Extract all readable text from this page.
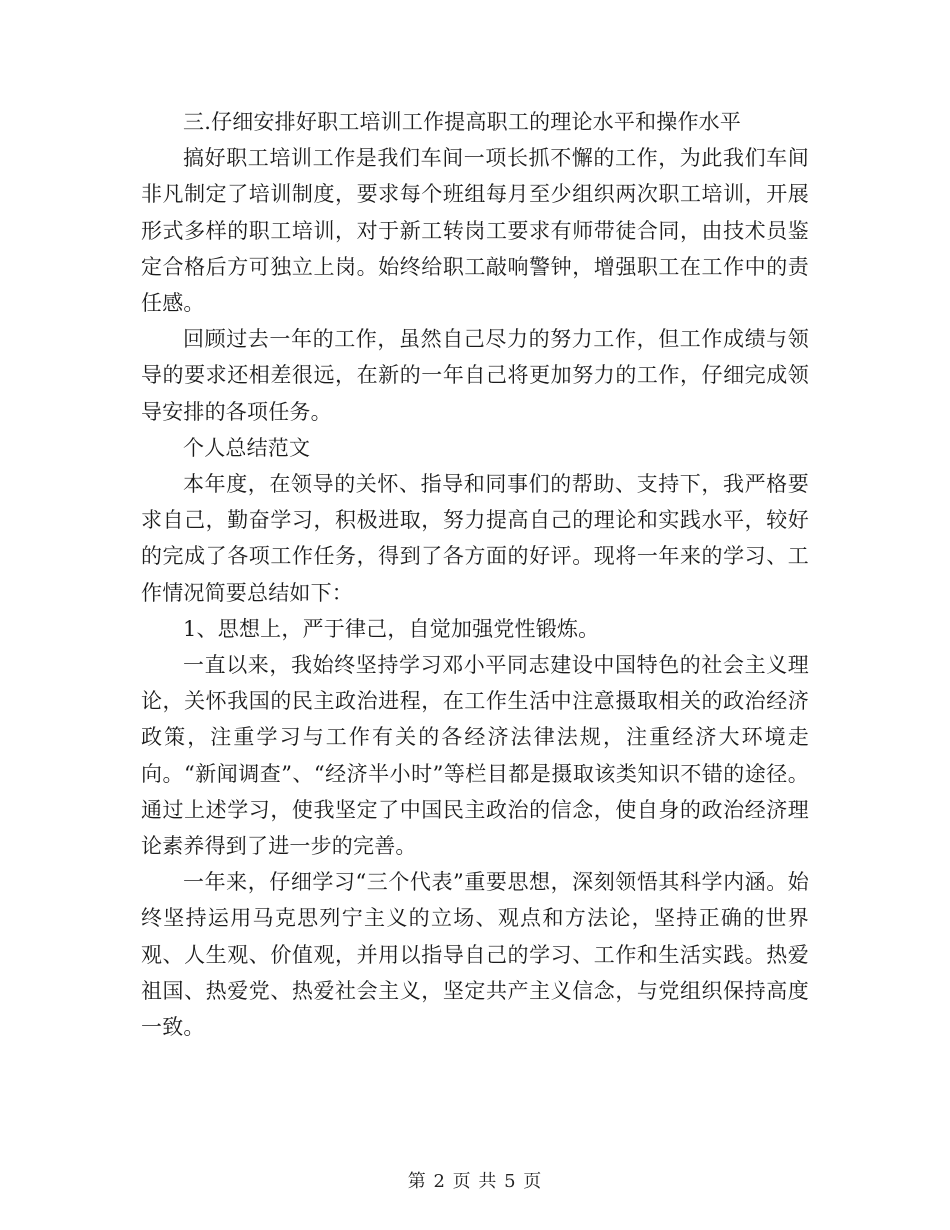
三.仔细安排好职工培训工作提高职工的理论水平和操作水平

搞好职工培训工作是我们车间一项长抓不懈的工作，为此我们车间非凡制定了培训制度，要求每个班组每月至少组织两次职工培训，开展形式多样的职工培训，对于新工转岗工要求有师带徒合同，由技术员鉴定合格后方可独立上岗。始终给职工敲响警钟，增强职工在工作中的责任感。

回顾过去一年的工作，虽然自己尽力的努力工作，但工作成绩与领导的要求还相差很远，在新的一年自己将更加努力的工作，仔细完成领导安排的各项任务。

个人总结范文

本年度，在领导的关怀、指导和同事们的帮助、支持下，我严格要求自己，勤奋学习，积极进取，努力提高自己的理论和实践水平，较好的完成了各项工作任务，得到了各方面的好评。现将一年来的学习、工作情况简要总结如下：

1、思想上，严于律己，自觉加强党性锻炼。

一直以来，我始终坚持学习邓小平同志建设中国特色的社会主义理论，关怀我国的民主政治进程，在工作生活中注意摄取相关的政治经济政策，注重学习与工作有关的各经济法律法规，注重经济大环境走向。“新闻调查”、“经济半小时”等栏目都是摄取该类知识不错的途径。通过上述学习，使我坚定了中国民主政治的信念，使自身的政治经济理论素养得到了进一步的完善。

一年来，仔细学习“三个代表”重要思想，深刻领悟其科学内涵。始终坚持运用马克思列宁主义的立场、观点和方法论，坚持正确的世界观、人生观、价值观，并用以指导自己的学习、工作和生活实践。热爱祖国、热爱党、热爱社会主义，坚定共产主义信念，与党组织保持高度一致。

第 2 页 共 5 页
